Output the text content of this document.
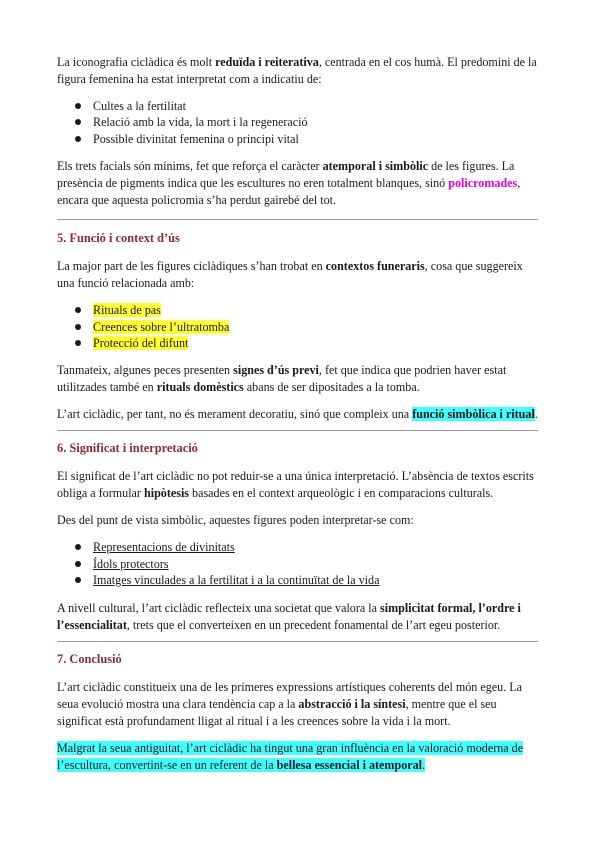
La iconografia ciclàdica és molt reduïda i reiterativa, centrada en el cos humà. El predomini de la figura femenina ha estat interpretat com a indicatiu de:

Cultes a la fertilitat
Relació amb la vida, la mort i la regeneració
Possible divinitat femenina o principi vital

Els trets facials són mínims, fet que reforça el caràcter atemporal i simbòlic de les figures. La presència de pigments indica que les escultures no eren totalment blanques, sinó policromades, encara que aquesta policromia s’ha perdut gairebé del tot.

5. Funció i context d’ús

La major part de les figures ciclàdiques s’han trobat en contextos funeraris, cosa que suggereix una funció relacionada amb:

Rituals de pas
Creences sobre l’ultratomba
Protecció del difunt

Tanmateix, algunes peces presenten signes d’ús previ, fet que indica que podrien haver estat utilitzades també en rituals domèstics abans de ser dipositades a la tomba.

L’art ciclàdic, per tant, no és merament decoratiu, sinó que compleix una funció simbòlica i ritual.

6. Significat i interpretació

El significat de l’art ciclàdic no pot reduir-se a una única interpretació. L’absència de textos escrits obliga a formular hipòtesis basades en el context arqueològic i en comparacions culturals.

Des del punt de vista simbòlic, aquestes figures poden interpretar-se com:

Representacions de divinitats
Ídols protectors
Imatges vinculades a la fertilitat i a la continuïtat de la vida

A nivell cultural, l’art ciclàdic reflecteix una societat que valora la simplicitat formal, l’ordre i l’essencialitat, trets que el converteixen en un precedent fonamental de l’art egeu posterior.

7. Conclusió

L’art ciclàdic constitueix una de les primeres expressions artístiques coherents del món egeu. La seua evolució mostra una clara tendència cap a la abstracció i la síntesi, mentre que el seu significat està profundament lligat al ritual i a les creences sobre la vida i la mort.

Malgrat la seua antiguitat, l’art ciclàdic ha tingut una gran influència en la valoració moderna de l’escultura, convertint-se en un referent de la bellesa essencial i atemporal.
